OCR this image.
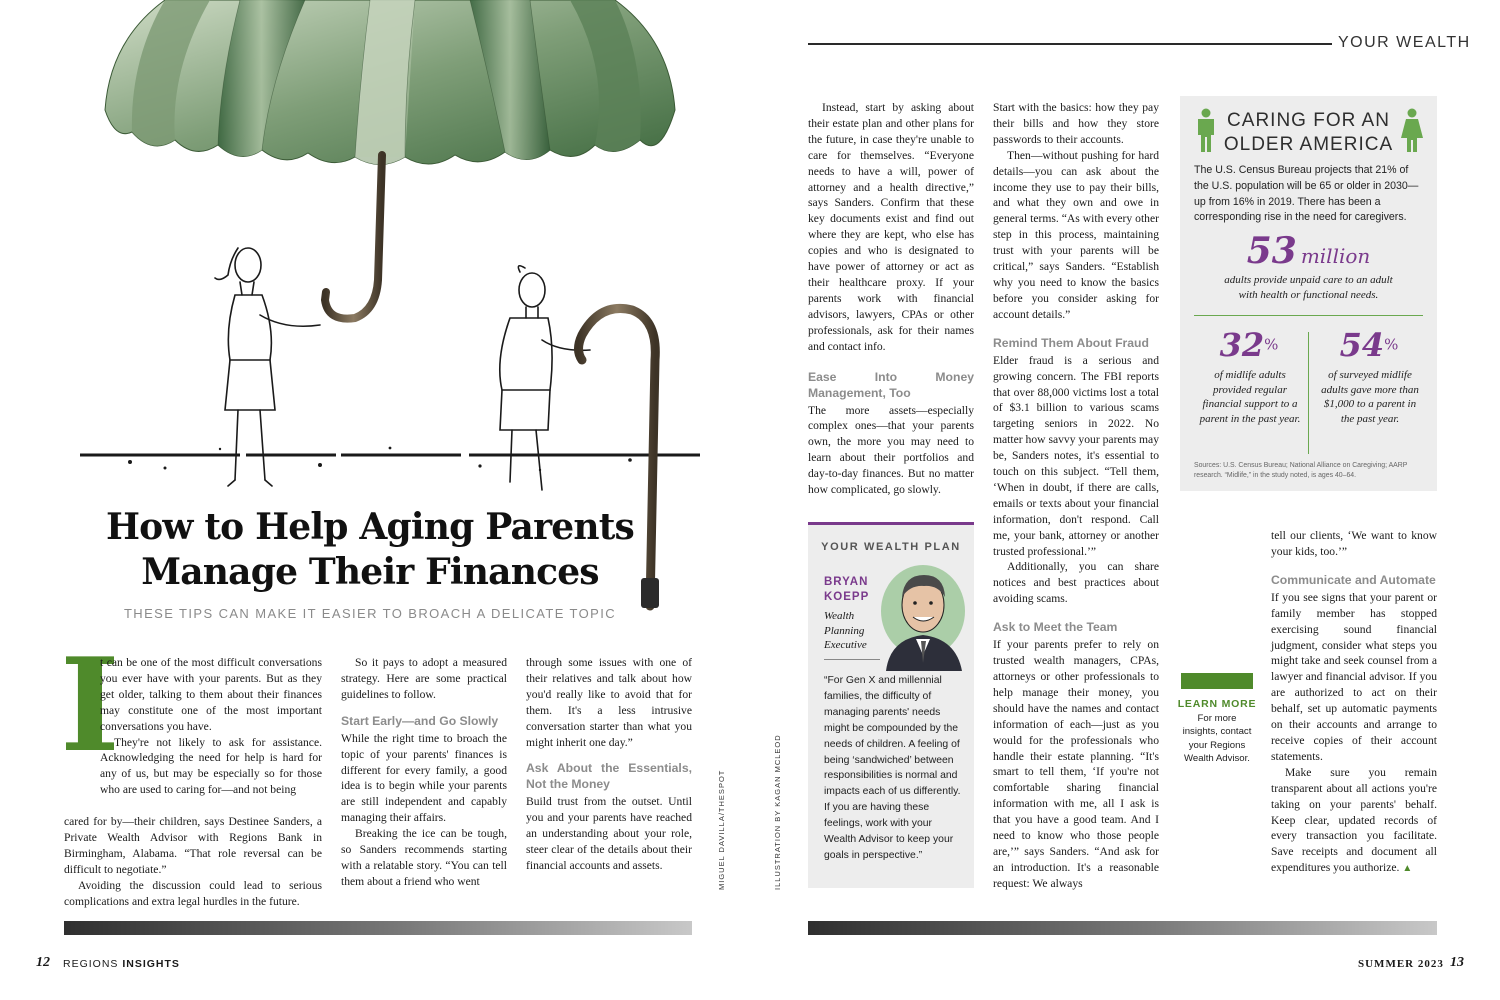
How to Help Aging Parents
Manage Their Finances
THESE TIPS CAN MAKE IT EASIER TO BROACH A DELICATE TOPIC
I

t can be one of the most difficult conversations you ever have with your parents. But as they get older, talking to them about their finances may constitute one of the most important conversations you have.

They're not likely to ask for assistance. Acknowledging the need for help is hard for any of us, but may be especially so for those who are used to caring for—and not being

cared for by—their children, says Destinee Sanders, a Private Wealth Advisor with Regions Bank in Birmingham, Alabama. “That role reversal can be difficult to negotiate.”

Avoiding the discussion could lead to serious complications and extra legal hurdles in the future.

So it pays to adopt a measured strategy. Here are some practical guidelines to follow.

Start Early—and Go Slowly

While the right time to broach the topic of your parents' finances is different for every family, a good idea is to begin while your parents are still independent and capably managing their affairs.

Breaking the ice can be tough, so Sanders recommends starting with a relatable story. “You can tell them about a friend who went

through some issues with one of their relatives and talk about how you'd really like to avoid that for them. It's a less intrusive conversation starter than what you might inherit one day.”

Ask About the Essentials, Not the Money

Build trust from the outset. Until you and your parents have reached an understanding about your role, steer clear of the details about their financial accounts and assets.	MIGUEL DAVILLA/THESPOT
12 REGIONS INSIGHTS
YOUR WEALTH
ILLUSTRATION BY KAGAN MCLEOD

Instead, start by asking about their estate plan and other plans for the future, in case they're unable to care for themselves. “Everyone needs to have a will, power of attorney and a health directive,” says Sanders. Confirm that these key documents exist and find out where they are kept, who else has copies and who is designated to have power of attorney or act as their healthcare proxy. If your parents work with financial advisors, lawyers, CPAs or other professionals, ask for their names and contact info.

Ease Into Money Management, Too

The more assets—especially complex ones—that your parents own, the more you may need to learn about their portfolios and day-to-day finances. But no matter how complicated, go slowly.

YOUR WEALTH PLAN
BRYAN
KOEPP
Wealth
Planning
Executive
“For Gen X and millennial families, the difficulty of managing parents' needs might be compounded by the needs of children. A feeling of being ‘sandwiched’ between responsibilities is normal and impacts each of us differently. If you are having these feelings, work with your Wealth Advisor to keep your goals in perspective.”

Start with the basics: how they pay their bills and how they store passwords to their accounts.

Then—without pushing for hard details—you can ask about the income they use to pay their bills, and what they own and owe in general terms. “As with every other step in this process, maintaining trust with your parents will be critical,” says Sanders. “Establish why you need to know the basics before you consider asking for account details.”

Remind Them About Fraud

Elder fraud is a serious and growing concern. The FBI reports that over 88,000 victims lost a total of $3.1 billion to various scams targeting seniors in 2022. No matter how savvy your parents may be, Sanders notes, it's essential to touch on this subject. “Tell them, ‘When in doubt, if there are calls, emails or texts about your financial information, don't respond. Call me, your bank, attorney or another trusted professional.’”

Additionally, you can share notices and best practices about avoiding scams.

Ask to Meet the Team

If your parents prefer to rely on trusted wealth managers, CPAs, attorneys or other professionals to help manage their money, you should have the names and contact information of each—just as you would for the professionals who handle their estate planning. “It's smart to tell them, ‘If you're not comfortable sharing financial information with me, all I ask is that you have a good team. And I need to know who those people are,’” says Sanders. “And ask for an introduction. It's a reasonable request: We always

CARING FOR AN
OLDER AMERICA
The U.S. Census Bureau projects that 21% of the U.S. population will be 65 or older in 2030—up from 16% in 2019. There has been a corresponding rise in the need for caregivers.
53 million
adults provide unpaid care to an adult with health or functional needs.
32%
of midlife adults provided regular financial support to a parent in the past year.
54%
of surveyed midlife adults gave more than $1,000 to a parent in the past year.
Sources: U.S. Census Bureau; National Alliance on Caregiving; AARP research. “Midlife,” in the study noted, is ages 40–64.
LEARN MORE
For more insights, contact your Regions Wealth Advisor.

tell our clients, ‘We want to know your kids, too.’”

Communicate and Automate

If you see signs that your parent or family member has stopped exercising sound financial judgment, consider what steps you might take and seek counsel from a lawyer and financial advisor. If you are authorized to act on their behalf, set up automatic payments on their accounts and arrange to receive copies of their account statements.

Make sure you remain transparent about all actions you're taking on your parents' behalf. Keep clear, updated records of every transaction you facilitate. Save receipts and document all expenditures you authorize. ▲

SUMMER 2023 13
